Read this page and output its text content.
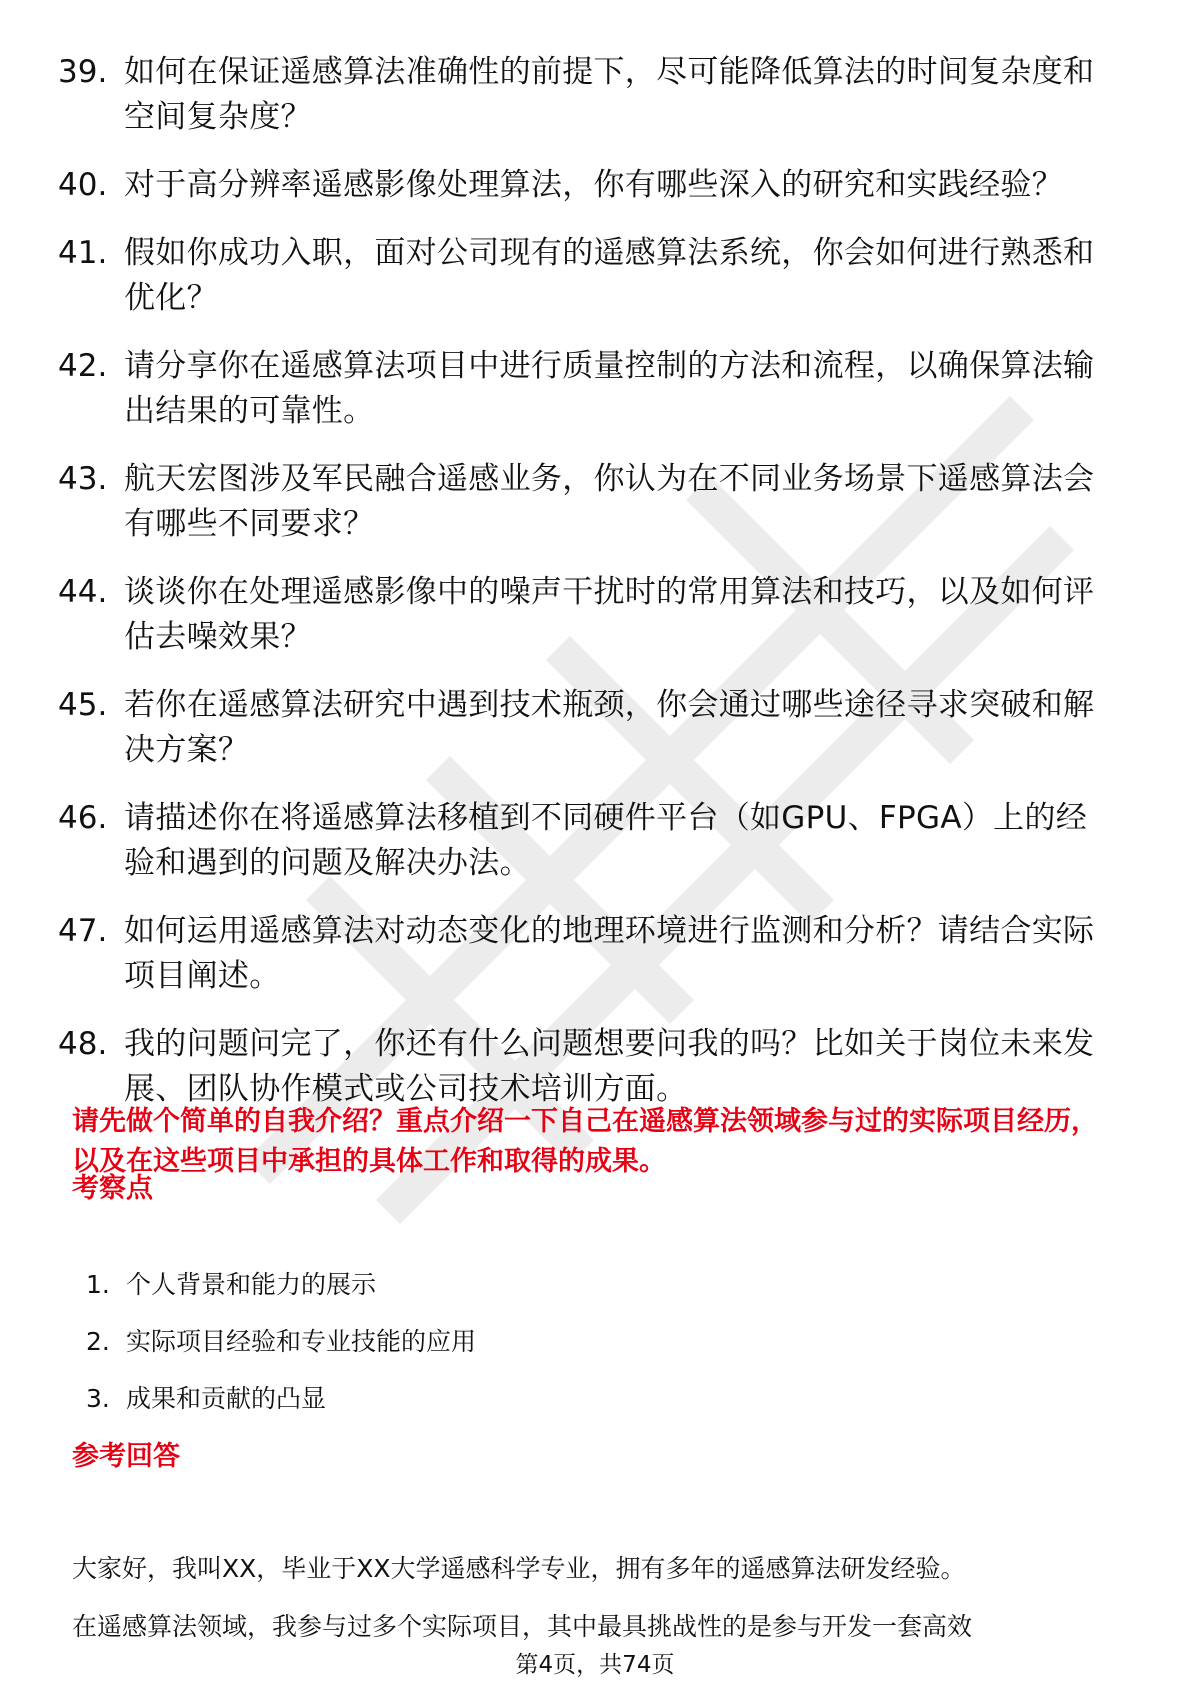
39. 如何在保证遥感算法准确性的前提下，尽可能降低算法的时间复杂度和空间复杂度？
40. 对于高分辨率遥感影像处理算法，你有哪些深入的研究和实践经验？
41. 假如你成功入职，面对公司现有的遥感算法系统，你会如何进行熟悉和优化？
42. 请分享你在遥感算法项目中进行质量控制的方法和流程，以确保算法输出结果的可靠性。
43. 航天宏图涉及军民融合遥感业务，你认为在不同业务场景下遥感算法会有哪些不同要求？
44. 谈谈你在处理遥感影像中的噪声干扰时的常用算法和技巧，以及如何评估去噪效果？
45. 若你在遥感算法研究中遇到技术瓶颈，你会通过哪些途径寻求突破和解决方案？
46. 请描述你在将遥感算法移植到不同硬件平台（如GPU、FPGA）上的经验和遇到的问题及解决办法。
47. 如何运用遥感算法对动态变化的地理环境进行监测和分析？请结合实际项目阐述。
48. 我的问题问完了，你还有什么问题想要问我的吗？比如关于岗位未来发展、团队协作模式或公司技术培训方面。

请先做个简单的自我介绍？重点介绍一下自己在遥感算法领域参与过的实际项目经历，以及在这些项目中承担的具体工作和取得的成果。

考察点
1. 个人背景和能力的展示
2. 实际项目经验和专业技能的应用
3. 成果和贡献的凸显
参考回答

大家好，我叫XX，毕业于XX大学遥感科学专业，拥有多年的遥感算法研发经验。

在遥感算法领域，我参与过多个实际项目，其中最具挑战性的是参与开发一套高效

第4页，共74页
